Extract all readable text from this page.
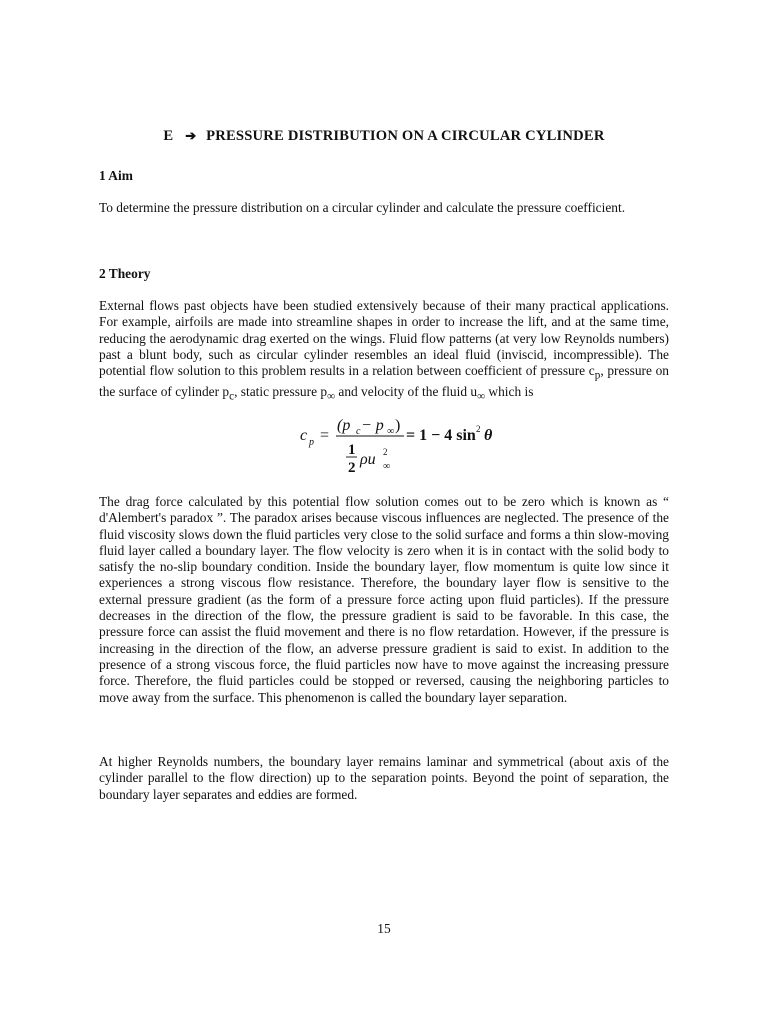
E ➔ PRESSURE DISTRIBUTION ON A CIRCULAR CYLINDER
1 Aim

To determine the pressure distribution on a circular cylinder and calculate the pressure coefficient.

2 Theory

External flows past objects have been studied extensively because of their many practical applications. For example, airfoils are made into streamline shapes in order to increase the lift, and at the same time, reducing the aerodynamic drag exerted on the wings. Fluid flow patterns (at very low Reynolds numbers) past a blunt body, such as circular cylinder resembles an ideal fluid (inviscid, incompressible). The potential flow solution to this problem results in a relation between coefficient of pressure $c_p$, pressure on the surface of cylinder $p_c$, static pressure $p_\infty$ and velocity of the fluid $u_\infty$ which is

c p =
(p c − p ∞ )
1
2 ρu 2
∞
= 1 − 4 sin 2 θ

The drag force calculated by this potential flow solution comes out to be zero which is known as “ d'Alembert's paradox ”. The paradox arises because viscous influences are neglected. The presence of the fluid viscosity slows down the fluid particles very close to the solid surface and forms a thin slow-moving fluid layer called a boundary layer. The flow velocity is zero when it is in contact with the solid body to satisfy the no-slip boundary condition. Inside the boundary layer, flow momentum is quite low since it experiences a strong viscous flow resistance. Therefore, the boundary layer flow is sensitive to the external pressure gradient (as the form of a pressure force acting upon fluid particles). If the pressure decreases in the direction of the flow, the pressure gradient is said to be favorable. In this case, the pressure force can assist the fluid movement and there is no flow retardation. However, if the pressure is increasing in the direction of the flow, an adverse pressure gradient is said to exist. In addition to the presence of a strong viscous force, the fluid particles now have to move against the increasing pressure force. Therefore, the fluid particles could be stopped or reversed, causing the neighboring particles to move away from the surface. This phenomenon is called the boundary layer separation.

At higher Reynolds numbers, the boundary layer remains laminar and symmetrical (about axis of the cylinder parallel to the flow direction) up to the separation points. Beyond the point of separation, the boundary layer separates and eddies are formed.

15
